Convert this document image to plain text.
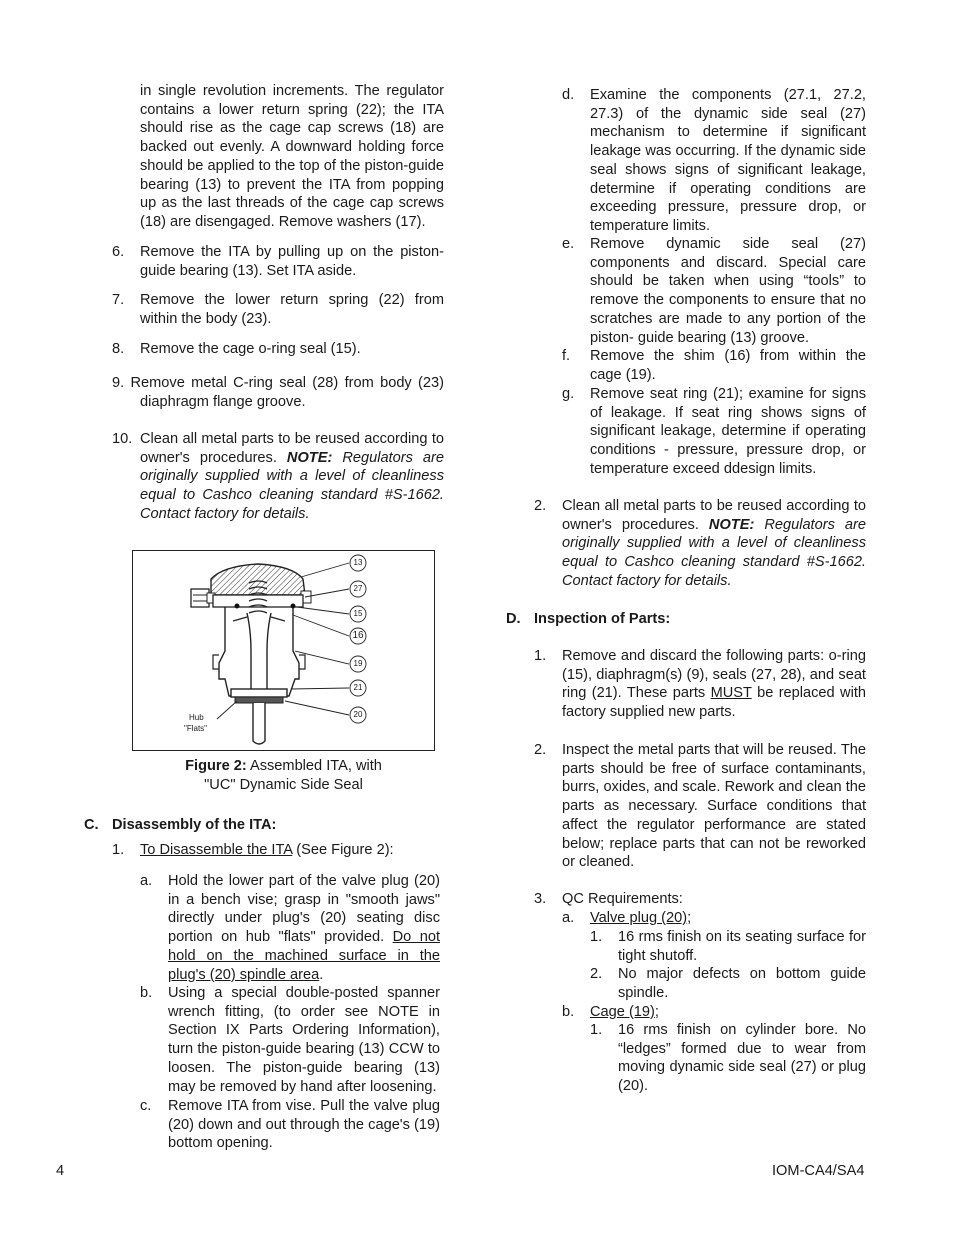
in single revolution increments. The regulator contains a lower return spring (22); the ITA should rise as the cage cap screws (18) are backed out evenly. A downward holding force should be applied to the top of the piston-guide bearing (13) to prevent the ITA from popping up as the last threads of the cage cap screws (18) are disengaged. Remove washers (17).
6. Remove the ITA by pulling up on the piston-guide bearing (13). Set ITA aside.
7. Remove the lower return spring (22) from within the body (23).
8. Remove the cage o-ring seal (15).
9. Remove metal C-ring seal (28) from body (23) diaphragm flange groove.
10. Clean all metal parts to be reused according to owner's procedures. NOTE: Regulators are originally supplied with a level of cleanliness equal to Cashco cleaning standard #S-1662. Contact factory for details.
13
27
15
16
19
21
20
Hub
"Flats"
Figure 2: Assembled ITA, with
"UC" Dynamic Side Seal
C. Disassembly of the ITA:
1. To Disassemble the ITA (See Figure 2):
a. Hold the lower part of the valve plug (20) in a bench vise; grasp in "smooth jaws" directly under plug's (20) seating disc portion on hub "flats" provided. Do not hold on the machined surface in the plug's (20) spindle area.
b. Using a special double-posted spanner wrench fitting, (to order see NOTE in Section IX Parts Ordering Information), turn the piston-guide bearing (13) CCW to loosen. The piston-guide bearing (13) may be removed by hand after loosening.
c. Remove ITA from vise. Pull the valve plug (20) down and out through the cage's (19) bottom opening.
d. Examine the components (27.1, 27.2, 27.3) of the dynamic side seal (27) mechanism to determine if significant leakage was occurring. If the dynamic side seal shows signs of significant leakage, determine if operating conditions are exceeding pressure, pressure drop, or temperature limits.
e. Remove dynamic side seal (27) components and discard. Special care should be taken when using “tools” to remove the components to ensure that no scratches are made to any portion of the piston- guide bearing (13) groove.
f. Remove the shim (16) from within the cage (19).
g. Remove seat ring (21); examine for signs of leakage. If seat ring shows signs of significant leakage, determine if operating conditions - pressure, pressure drop, or temperature exceed ddesign limits.
2. Clean all metal parts to be reused according to owner's procedures. NOTE: Regulators are originally supplied with a level of cleanliness equal to Cashco cleaning standard #S-1662. Contact factory for details.
D. Inspection of Parts:
1. Remove and discard the following parts: o-ring (15), diaphragm(s) (9), seals (27, 28), and seat ring (21). These parts MUST be replaced with factory supplied new parts.
2. Inspect the metal parts that will be reused. The parts should be free of surface contaminants, burrs, oxides, and scale. Rework and clean the parts as necessary. Surface conditions that affect the regulator performance are stated below; replace parts that can not be reworked or cleaned.
3. QC Requirements:
a. Valve plug (20);
1. 16 rms finish on its seating surface for tight shutoff.
2. No major defects on bottom guide spindle.
b. Cage (19);
1. 16 rms finish on cylinder bore. No “ledges” formed due to wear from moving dynamic side seal (27) or plug (20).
4	IOM-CA4/SA4
